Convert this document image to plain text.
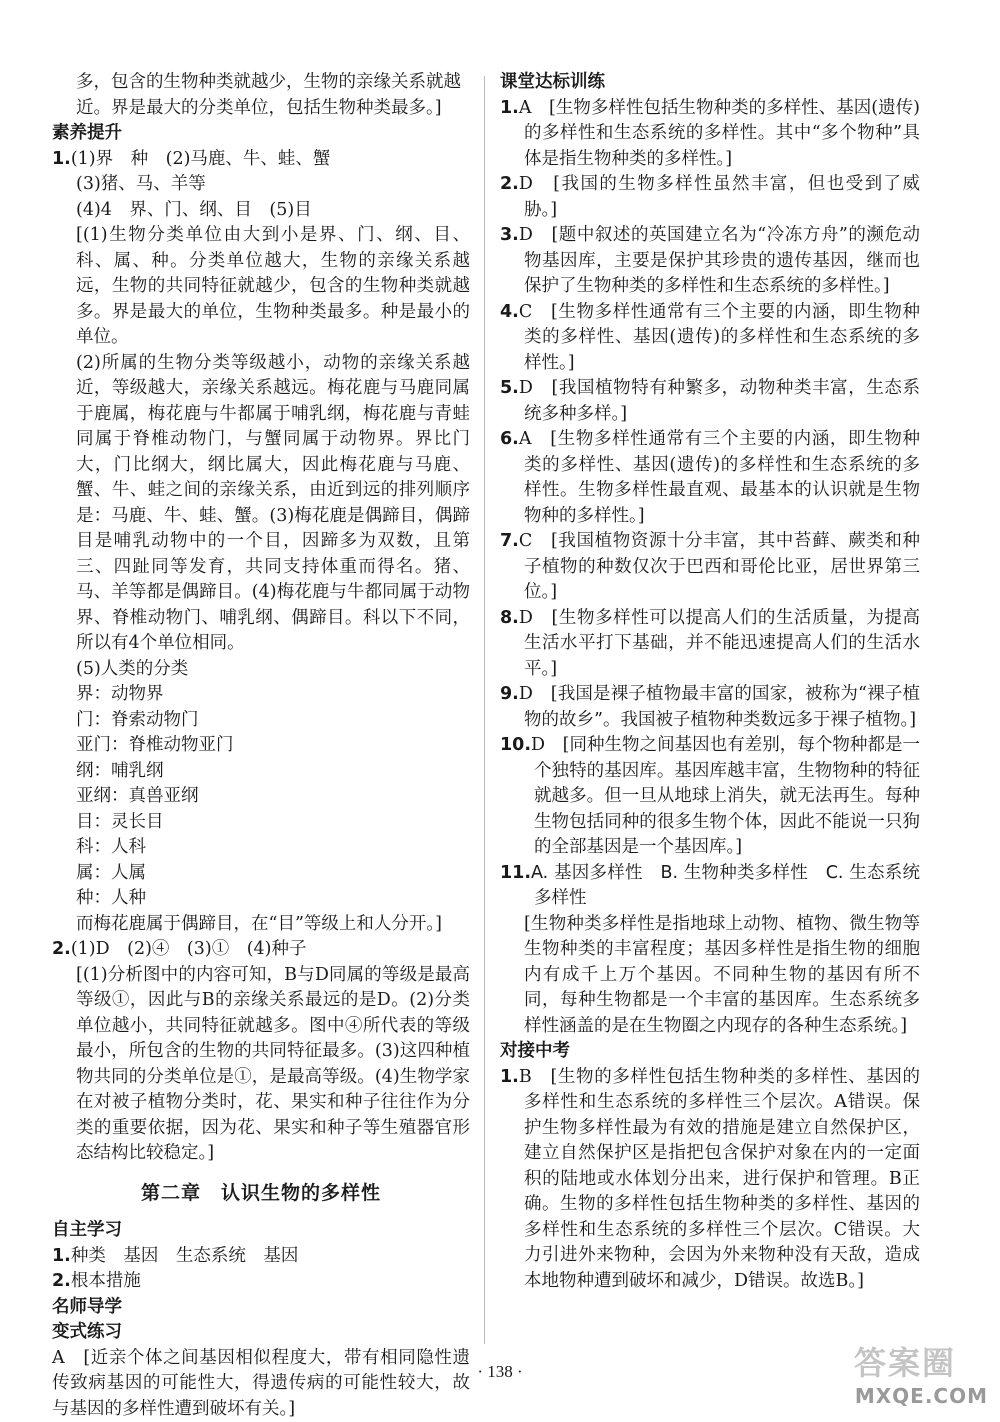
多，包含的生物种类就越少，生物的亲缘关系就越

近。界是最大的分类单位，包括生物种类最多。]

素养提升

1.(1)界　种　(2)马鹿、牛、蛙、蟹

(3)猪、马、羊等

(4)4　界、门、纲、目　(5)目

[(1)生物分类单位由大到小是界、门、纲、目、科、属、种。分类单位越大，生物的亲缘关系越远，生物的共同特征就越少，包含的生物种类就越多。界是最大的单位，生物种类最多。种是最小的单位。

(2)所属的生物分类等级越小，动物的亲缘关系越近，等级越大，亲缘关系越远。梅花鹿与马鹿同属于鹿属，梅花鹿与牛都属于哺乳纲，梅花鹿与青蛙同属于脊椎动物门，与蟹同属于动物界。界比门大，门比纲大，纲比属大，因此梅花鹿与马鹿、蟹、牛、蛙之间的亲缘关系，由近到远的排列顺序是：马鹿、牛、蛙、蟹。(3)梅花鹿是偶蹄目，偶蹄目是哺乳动物中的一个目，因蹄多为双数，且第三、四趾同等发育，共同支持体重而得名。猪、马、羊等都是偶蹄目。(4)梅花鹿与牛都同属于动物界、脊椎动物门、哺乳纲、偶蹄目。科以下不同，所以有4个单位相同。

(5)人类的分类

界：动物界

门：脊索动物门

亚门：脊椎动物亚门

纲：哺乳纲

亚纲：真兽亚纲

目：灵长目

科：人科

属：人属

种：人种

而梅花鹿属于偶蹄目，在“目”等级上和人分开。]

2.(1)D　(2)④　(3)①　(4)种子

[(1)分析图中的内容可知，B与D同属的等级是最高等级①，因此与B的亲缘关系最远的是D。(2)分类单位越小，共同特征就越多。图中④所代表的等级最小，所包含的生物的共同特征最多。(3)这四种植物共同的分类单位是①，是最高等级。(4)生物学家在对被子植物分类时，花、果实和种子往往作为分类的重要依据，因为花、果实和种子等生殖器官形态结构比较稳定。]

第二章　认识生物的多样性

自主学习

1.种类　基因　生态系统　基因

2.根本措施

名师导学

变式练习

A　[近亲个体之间基因相似程度大，带有相同隐性遗传致病基因的可能性大，得遗传病的可能性较大，故与基因的多样性遭到破坏有关。]

课堂达标训练

1.A　[生物多样性包括生物种类的多样性、基因(遗传)的多样性和生态系统的多样性。其中“多个物种”具体是指生物种类的多样性。]

2.D　[我国的生物多样性虽然丰富，但也受到了威胁。]

3.D　[题中叙述的英国建立名为“冷冻方舟”的濒危动物基因库，主要是保护其珍贵的遗传基因，继而也保护了生物种类的多样性和生态系统的多样性。]

4.C　[生物多样性通常有三个主要的内涵，即生物种类的多样性、基因(遗传)的多样性和生态系统的多样性。]

5.D　[我国植物特有种繁多，动物种类丰富，生态系统多种多样。]

6.A　[生物多样性通常有三个主要的内涵，即生物种类的多样性、基因(遗传)的多样性和生态系统的多样性。生物多样性最直观、最基本的认识就是生物物种的多样性。]

7.C　[我国植物资源十分丰富，其中苔藓、蕨类和种子植物的种数仅次于巴西和哥伦比亚，居世界第三位。]

8.D　[生物多样性可以提高人们的生活质量，为提高生活水平打下基础，并不能迅速提高人们的生活水平。]

9.D　[我国是裸子植物最丰富的国家，被称为“裸子植物的故乡”。我国被子植物种类数远多于裸子植物。]

10.D　[同种生物之间基因也有差别，每个物种都是一个独特的基因库。基因库越丰富，生物物种的特征就越多。但一旦从地球上消失，就无法再生。每种生物包括同种的很多生物个体，因此不能说一只狗的全部基因是一个基因库。]

11.A. 基因多样性　B. 生物种类多样性　C. 生态系统多样性

[生物种类多样性是指地球上动物、植物、微生物等生物种类的丰富程度；基因多样性是指生物的细胞内有成千上万个基因。不同种生物的基因有所不同，每种生物都是一个丰富的基因库。生态系统多样性涵盖的是在生物圈之内现存的各种生态系统。]

对接中考

1.B　[生物的多样性包括生物种类的多样性、基因的多样性和生态系统的多样性三个层次。A错误。保护生物多样性最为有效的措施是建立自然保护区，建立自然保护区是指把包含保护对象在内的一定面积的陆地或水体划分出来，进行保护和管理。B正确。生物的多样性包括生物种类的多样性、基因的多样性和生态系统的多样性三个层次。C错误。大力引进外来物种，会因为外来物种没有天敌，造成本地物种遭到破坏和减少，D错误。故选B。]

· 138 ·	答案圈
MXQE.COM
